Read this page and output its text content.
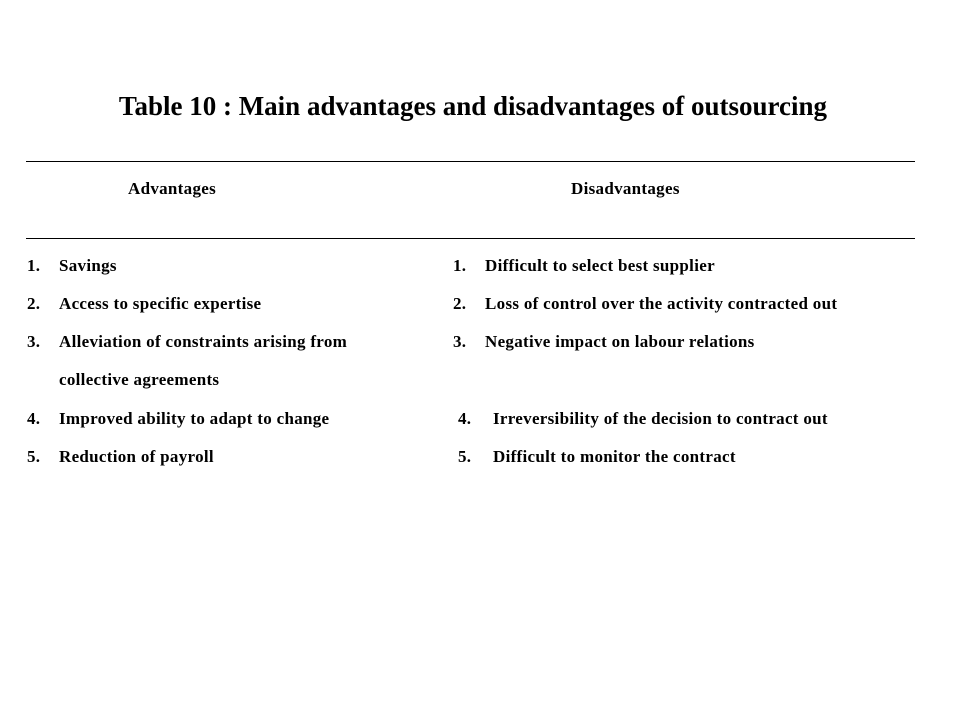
Table 10 : Main advantages and disadvantages of outsourcing
Advantages	Disadvantages
1. Savings
2. Access to specific expertise
3. Alleviation of constraints arising from
collective agreements
4. Improved ability to adapt to change
5. Reduction of payroll
1. Difficult to select best supplier
2. Loss of control over the activity contracted out
3. Negative impact on labour relations
4. Irreversibility of the decision to contract out
5. Difficult to monitor the contract
